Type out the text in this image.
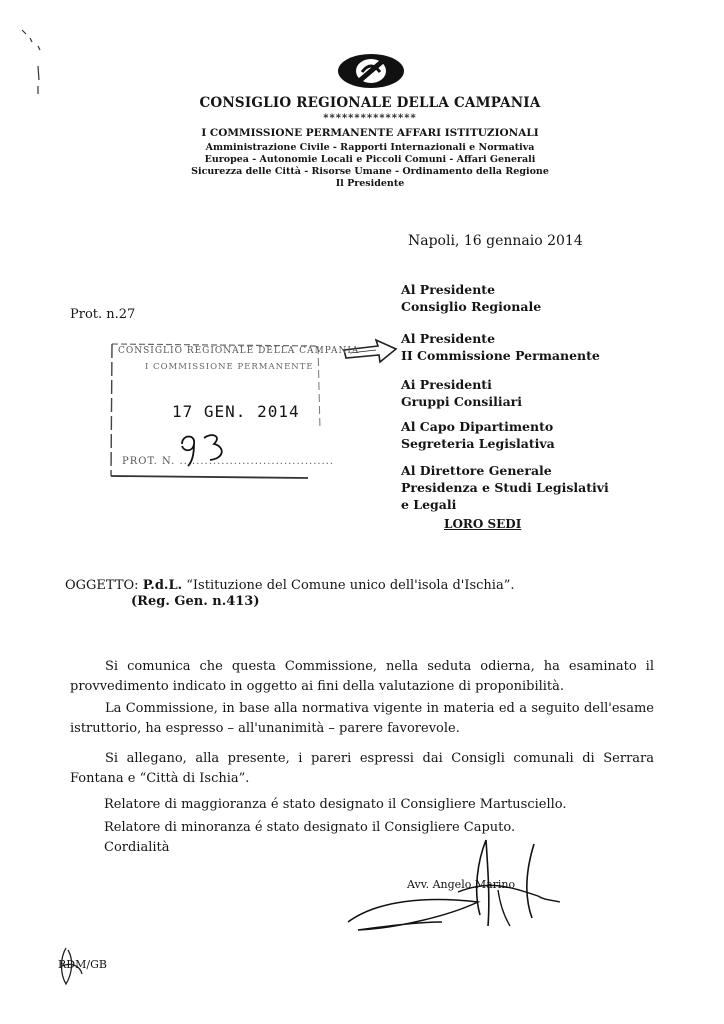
CONSIGLIO REGIONALE DELLA CAMPANIA
***************
I COMMISSIONE PERMANENTE AFFARI ISTITUZIONALI
Amministrazione Civile - Rapporti Internazionali e Normativa
Europea - Autonomie Locali e Piccoli Comuni - Affari Generali
Sicurezza delle Città - Risorse Umane - Ordinamento della Regione
Il Presidente
Napoli, 16 gennaio 2014
Prot. n.27
Al Presidente
Consiglio Regionale
Al Presidente
II Commissione Permanente
Ai Presidenti
Gruppi Consiliari
Al Capo Dipartimento
Segreteria Legislativa
Al Direttore Generale
Presidenza e Studi Legislativi
e Legali
LORO SEDI
CONSIGLIO REGIONALE DELLA CAMPANIA
I COMMISSIONE PERMANENTE
17 GEN. 2014
PROT. N. .....................................
OGGETTO: P.d.L. “Istituzione del Comune unico dell'isola d'Ischia”.
(Reg. Gen. n.413)

Si comunica che questa Commissione, nella seduta odierna, ha esaminato il provvedimento indicato in oggetto ai fini della valutazione di proponibilità.

La Commissione, in base alla normativa vigente in materia ed a seguito dell'esame istruttorio, ha espresso – all'unanimità – parere favorevole.

Si allegano, alla presente, i pareri espressi dai Consigli comunali di Serrara Fontana e “Città di Ischia”.

Relatore di maggioranza é stato designato il Consigliere Martusciello.
Relatore di minoranza é stato designato il Consigliere Caputo.
Cordialità
Avv. Angelo Marino
RDM/GB
